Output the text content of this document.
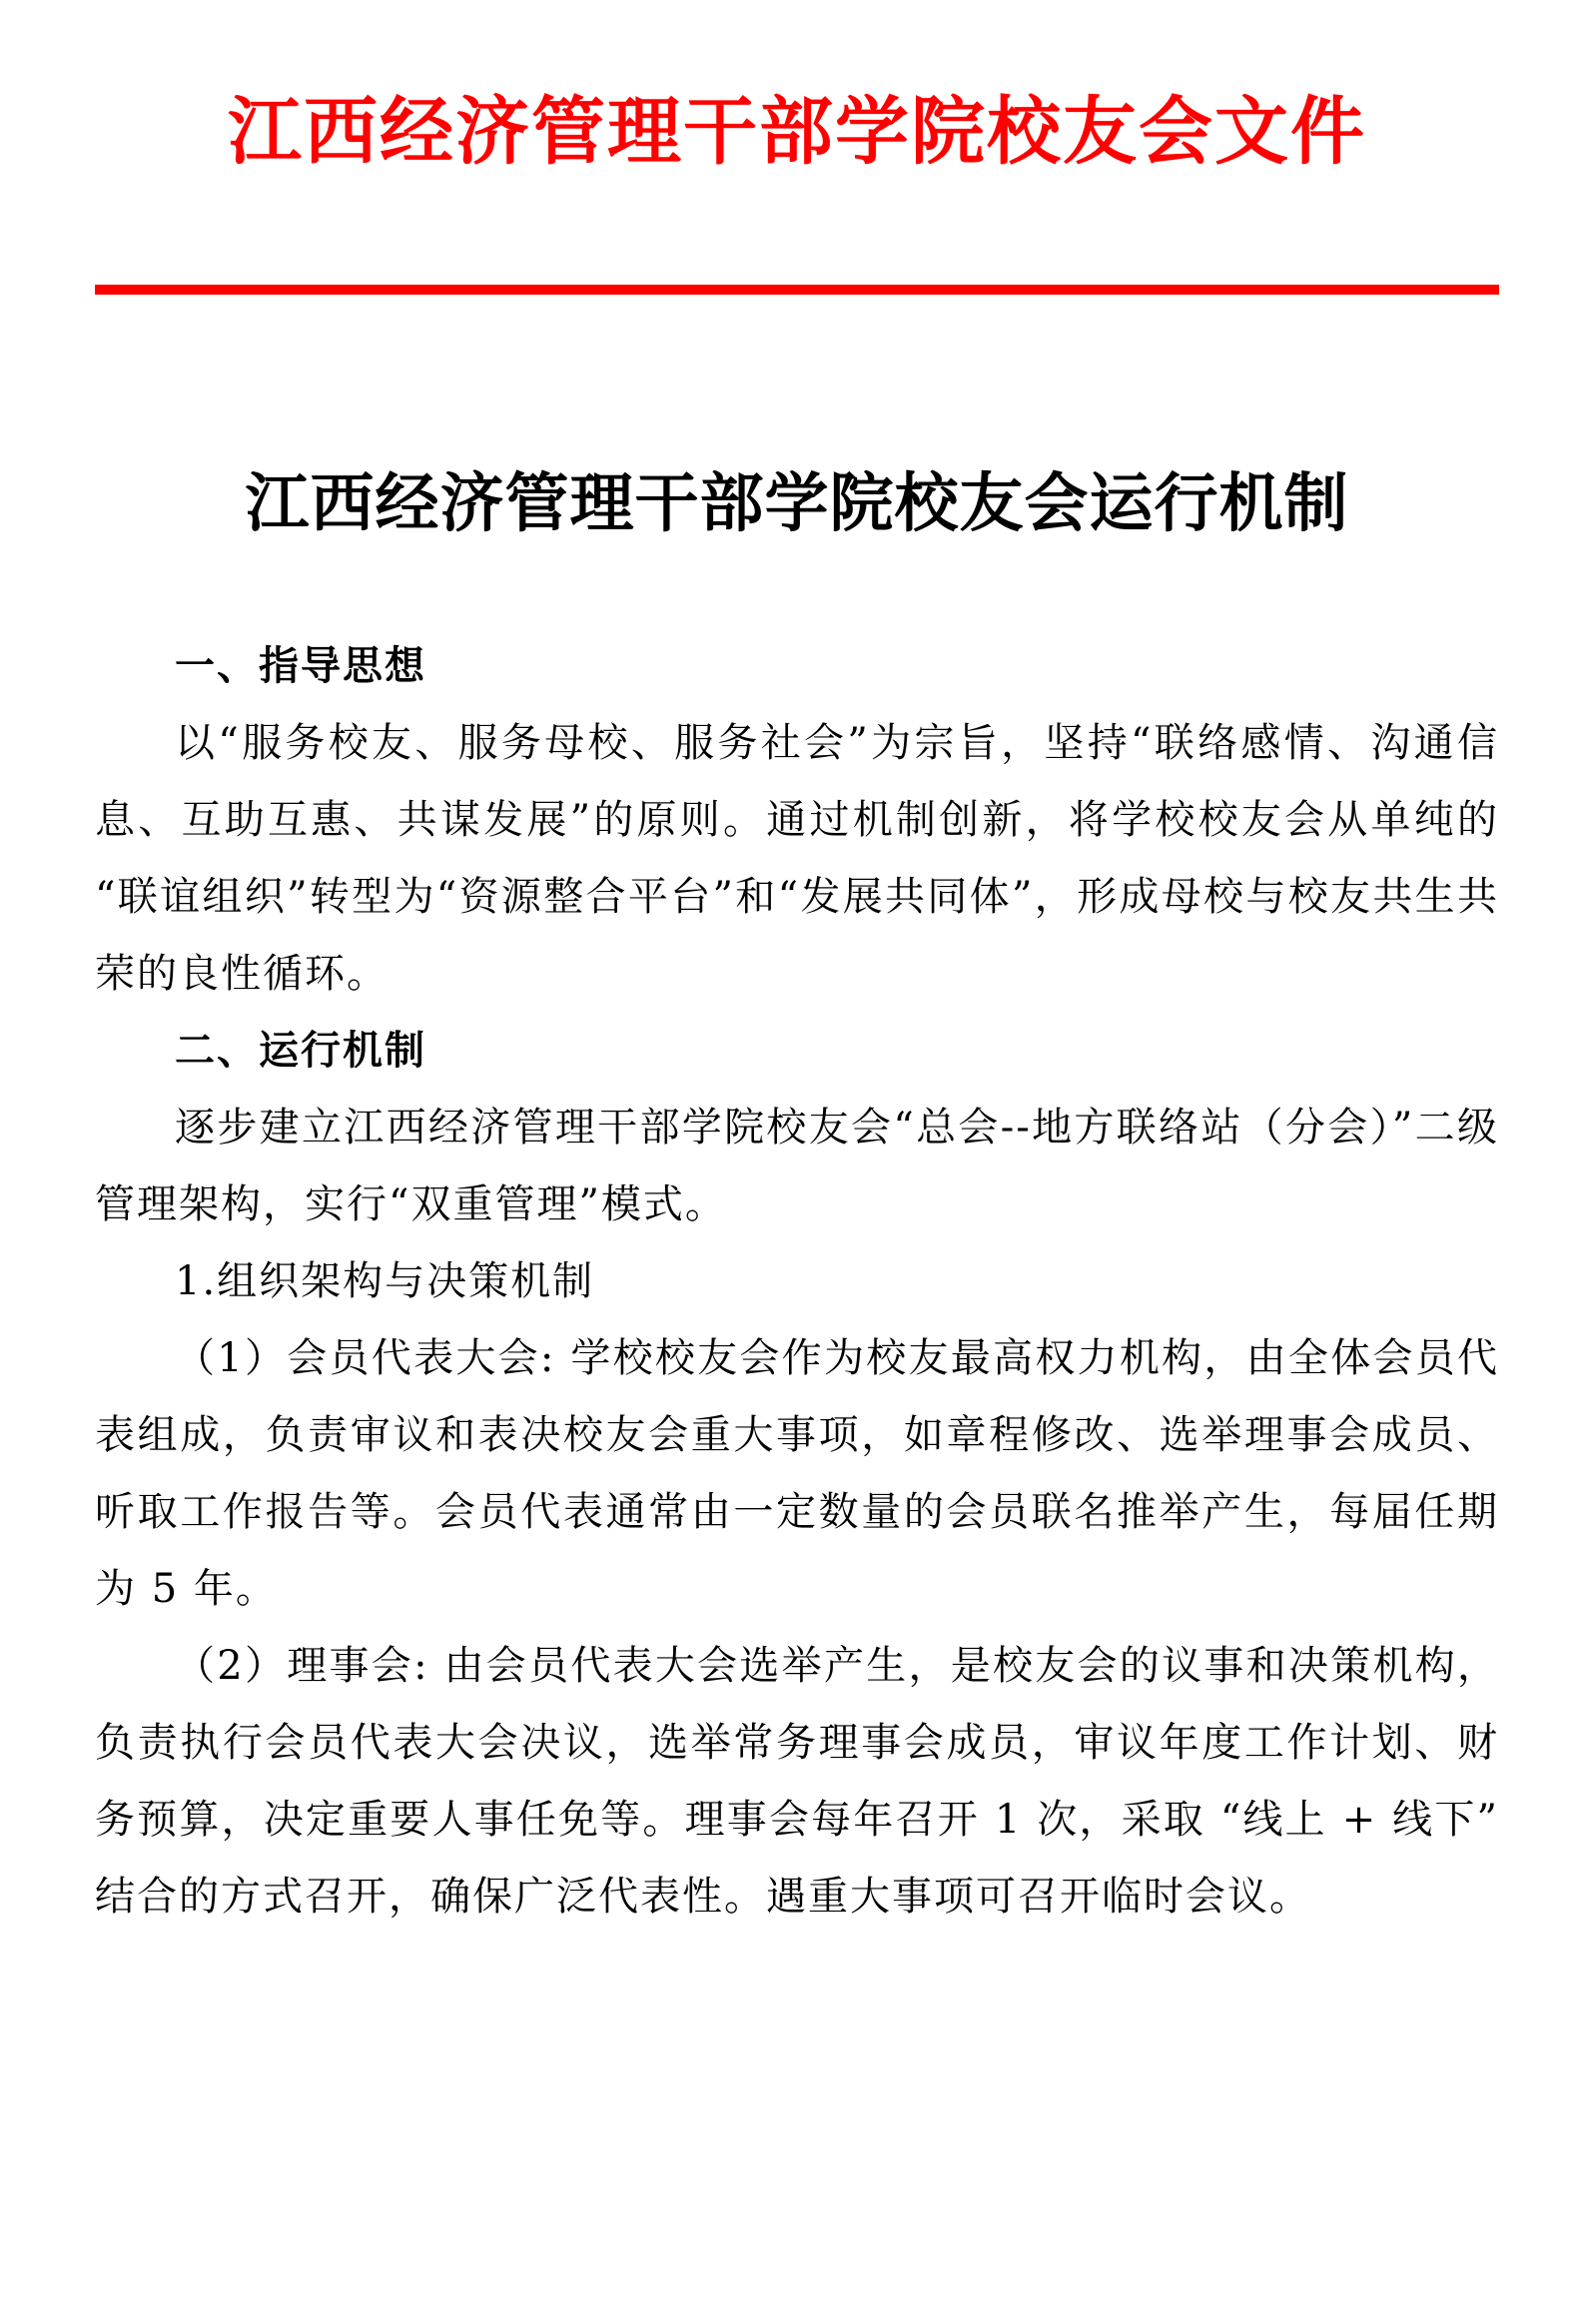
江西经济管理干部学院校友会文件
江西经济管理干部学院校友会运行机制
一、指导思想

以“服务校友、服务母校、服务社会”为宗旨，坚持“联络感情、沟通信息、互助互惠、共谋发展”的原则。通过机制创新，将学校校友会从单纯的“联谊组织”转型为“资源整合平台”和“发展共同体”，形成母校与校友共生共荣的良性循环。

二、运行机制

逐步建立江西经济管理干部学院校友会“总会--地方联络站（分会）”二级管理架构，实行“双重管理”模式。

1.组织架构与决策机制

（1）会员代表大会: 学校校友会作为校友最高权力机构，由全体会员代表组成，负责审议和表决校友会重大事项，如章程修改、选举理事会成员、听取工作报告等。会员代表通常由一定数量的会员联名推举产生，每届任期为 5 年。

（2）理事会: 由会员代表大会选举产生，是校友会的议事和决策机构，负责执行会员代表大会决议，选举常务理事会成员，审议年度工作计划、财务预算，决定重要人事任免等。理事会每年召开 1 次，采取 “线上 + 线下”结合的方式召开，确保广泛代表性。遇重大事项可召开临时会议。
